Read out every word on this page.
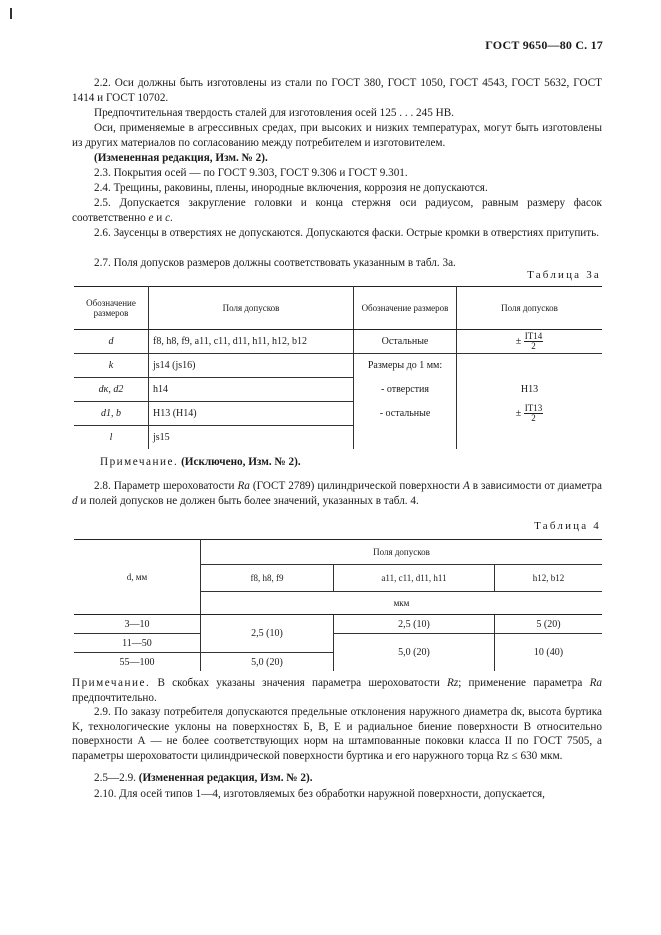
ГОСТ 9650—80 С. 17
2.2. Оси должны быть изготовлены из стали по ГОСТ 380, ГОСТ 1050, ГОСТ 4543, ГОСТ 5632, ГОСТ 1414 и ГОСТ 10702.
Предпочтительная твердость сталей для изготовления осей 125 . . . 245 НВ.
Оси, применяемые в агрессивных средах, при высоких и низких температурах, могут быть изготовлены из других материалов по согласованию между потребителем и изготовителем.
(Измененная редакция, Изм. № 2).
2.3. Покрытия осей — по ГОСТ 9.303, ГОСТ 9.306 и ГОСТ 9.301.
2.4. Трещины, раковины, плены, инородные включения, коррозия не допускаются.
2.5. Допускается закругление головки и конца стержня оси радиусом, равным размеру фасок соответственно е и с.
2.6. Заусенцы в отверстиях не допускаются. Допускаются фаски. Острые кромки в отверстиях притупить.
2.7. Поля допусков размеров должны соответствовать указанным в табл. 3а.
Таблица 3а
Обозначение размеров	Поля допусков	Обозначение размеров	Поля допусков
d	f8, h8, f9, a11, c11, d11, h11, h12, b12	Остальные	± $\frac{IT14}{2}$

k	js14 (js16)	Размеры до 1 мм:	
dк, d2	h14	- отверстия	H13
d1, b	H13 (H14)	- остальные	± $\frac{IT13}{2}$

l	js15		
Примечание. (Исключено, Изм. № 2).
2.8. Параметр шероховатости Ra (ГОСТ 2789) цилиндрической поверхности А в зависимости от диаметра d и полей допусков не должен быть более значений, указанных в табл. 4.
Таблица 4
d, мм	Поля допусков		
	f8, h8, f9	a11, c11, d11, h11	h12, b12
	мкм		
3—10	2,5 (10)	2,5 (10)	5 (20)
11—50		5,0 (20)	10 (40)
55—100	5,0 (20)		
Примечание. В скобках указаны значения параметра шероховатости Rz; применение параметра Ra предпочтительно.
2.9. По заказу потребителя допускаются предельные отклонения наружного диаметра dк, высота буртика K, технологические уклоны на поверхностях Б, В, Е и радиальное биение поверхности В относительно поверхности А — не более соответствующих норм на штампованные поковки класса II по ГОСТ 7505, а параметры шероховатости цилиндрической поверхности буртика и его наружного торца Rz ≤ 630 мкм.
2.5—2.9. (Измененная редакция, Изм. № 2).
2.10. Для осей типов 1—4, изготовляемых без обработки наружной поверхности, допускается,
